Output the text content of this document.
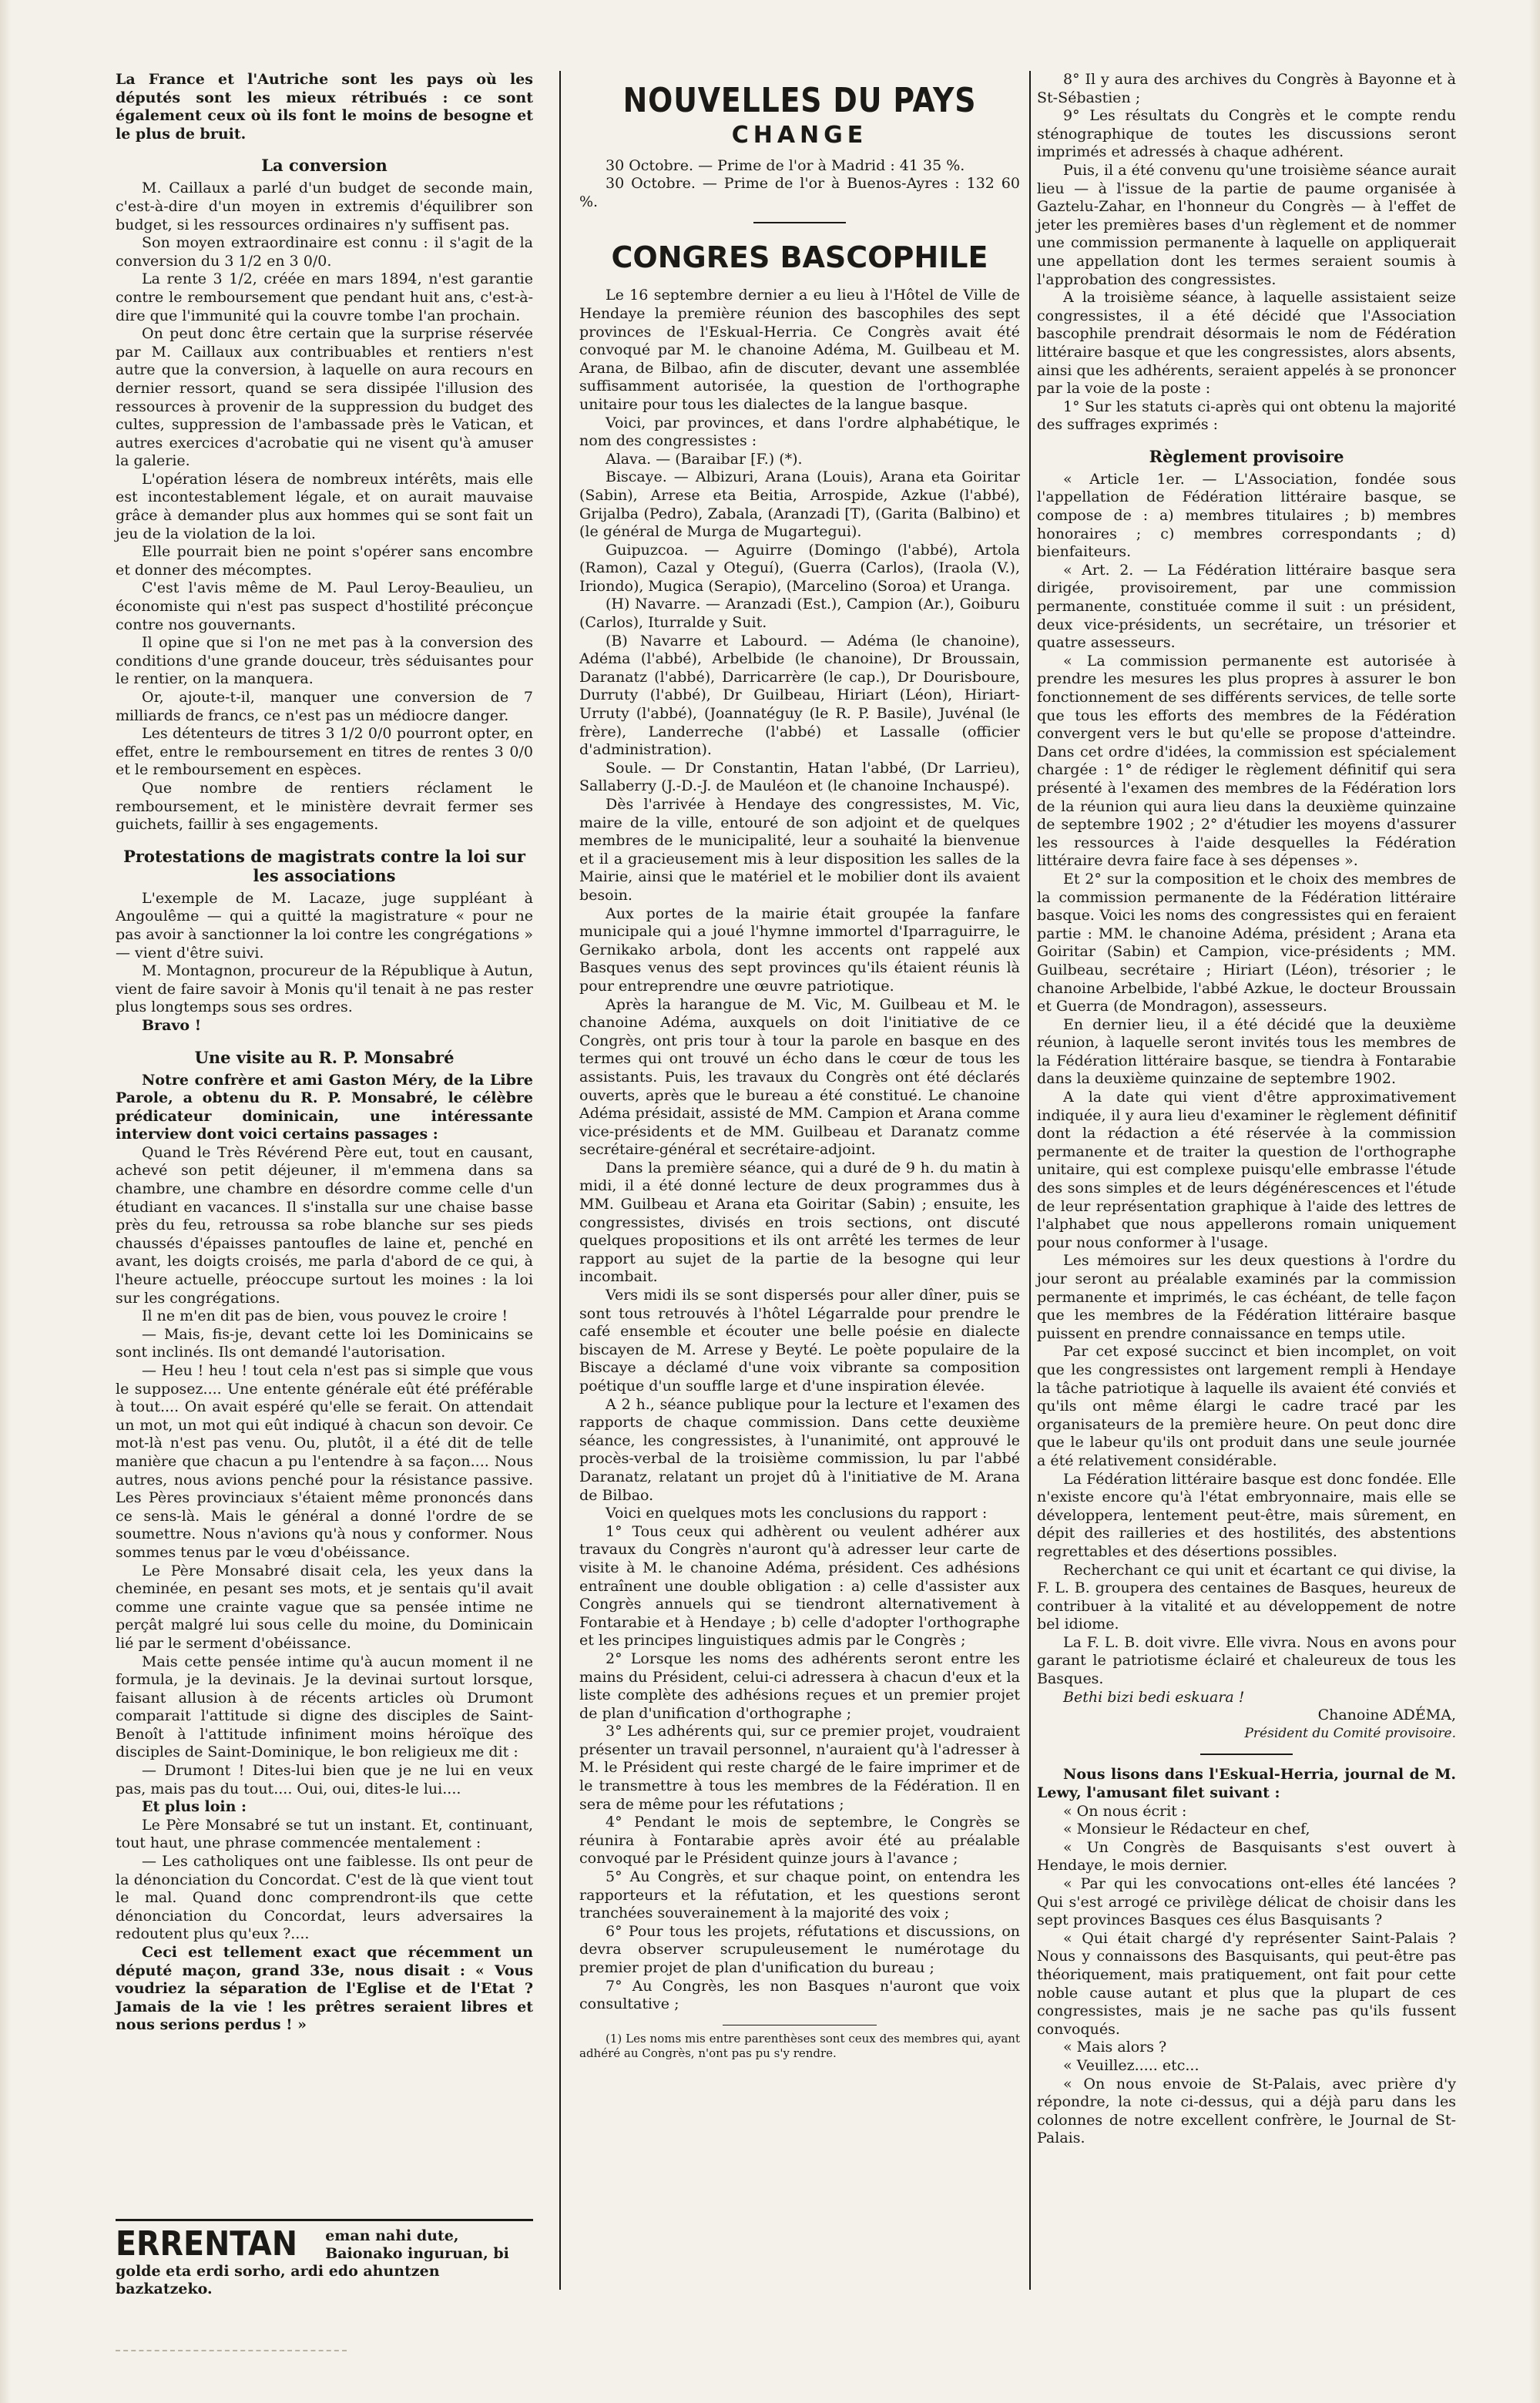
La France et l'Autriche sont les pays où les députés sont les mieux rétribués : ce sont également ceux où ils font le moins de besogne et le plus de bruit.

La conversion

M. Caillaux a parlé d'un budget de seconde main, c'est-à-dire d'un moyen in extremis d'équilibrer son budget, si les ressources ordinaires n'y suffisent pas.

Son moyen extraordinaire est connu : il s'agit de la conversion du 3 1/2 en 3 0/0.

La rente 3 1/2, créée en mars 1894, n'est garantie contre le remboursement que pendant huit ans, c'est-à-dire que l'immunité qui la couvre tombe l'an prochain.

On peut donc être certain que la surprise réservée par M. Caillaux aux contribuables et rentiers n'est autre que la conversion, à laquelle on aura recours en dernier ressort, quand se sera dissipée l'illusion des ressources à provenir de la suppression du budget des cultes, suppression de l'ambassade près le Vatican, et autres exercices d'acrobatie qui ne visent qu'à amuser la galerie.

L'opération lésera de nombreux intérêts, mais elle est incontestablement légale, et on aurait mauvaise grâce à demander plus aux hommes qui se sont fait un jeu de la violation de la loi.

Elle pourrait bien ne point s'opérer sans encombre et donner des mécomptes.

C'est l'avis même de M. Paul Leroy-Beaulieu, un économiste qui n'est pas suspect d'hostilité préconçue contre nos gouvernants.

Il opine que si l'on ne met pas à la conversion des conditions d'une grande douceur, très séduisantes pour le rentier, on la manquera.

Or, ajoute-t-il, manquer une conversion de 7 milliards de francs, ce n'est pas un médiocre danger.

Les détenteurs de titres 3 1/2 0/0 pourront opter, en effet, entre le remboursement en titres de rentes 3 0/0 et le remboursement en espèces.

Que nombre de rentiers réclament le remboursement, et le ministère devrait fermer ses guichets, faillir à ses engagements.

Protestations de magistrats contre la loi sur les associations

L'exemple de M. Lacaze, juge suppléant à Angoulême — qui a quitté la magistrature « pour ne pas avoir à sanctionner la loi contre les congrégations » — vient d'être suivi.

M. Montagnon, procureur de la République à Autun, vient de faire savoir à Monis qu'il tenait à ne pas rester plus longtemps sous ses ordres.

Bravo !

Une visite au R. P. Monsabré

Notre confrère et ami Gaston Méry, de la Libre Parole, a obtenu du R. P. Monsabré, le célèbre prédicateur dominicain, une intéressante interview dont voici certains passages :

Quand le Très Révérend Père eut, tout en causant, achevé son petit déjeuner, il m'emmena dans sa chambre, une chambre en désordre comme celle d'un étudiant en vacances. Il s'installa sur une chaise basse près du feu, retroussa sa robe blanche sur ses pieds chaussés d'épaisses pantoufles de laine et, penché en avant, les doigts croisés, me parla d'abord de ce qui, à l'heure actuelle, préoccupe surtout les moines : la loi sur les congrégations.

Il ne m'en dit pas de bien, vous pouvez le croire !

— Mais, fis-je, devant cette loi les Dominicains se sont inclinés. Ils ont demandé l'autorisation.

— Heu ! heu ! tout cela n'est pas si simple que vous le supposez.... Une entente générale eût été préférable à tout.... On avait espéré qu'elle se ferait. On attendait un mot, un mot qui eût indiqué à chacun son devoir. Ce mot-là n'est pas venu. Ou, plutôt, il a été dit de telle manière que chacun a pu l'entendre à sa façon.... Nous autres, nous avions penché pour la résistance passive. Les Pères provinciaux s'étaient même prononcés dans ce sens-là. Mais le général a donné l'ordre de se soumettre. Nous n'avions qu'à nous y conformer. Nous sommes tenus par le vœu d'obéissance.

Le Père Monsabré disait cela, les yeux dans la cheminée, en pesant ses mots, et je sentais qu'il avait comme une crainte vague que sa pensée intime ne perçât malgré lui sous celle du moine, du Dominicain lié par le serment d'obéissance.

Mais cette pensée intime qu'à aucun moment il ne formula, je la devinais. Je la devinai surtout lorsque, faisant allusion à de récents articles où Drumont comparait l'attitude si digne des disciples de Saint-Benoît à l'attitude infiniment moins héroïque des disciples de Saint-Dominique, le bon religieux me dit :

— Drumont ! Dites-lui bien que je ne lui en veux pas, mais pas du tout.... Oui, oui, dites-le lui....

Et plus loin :

Le Père Monsabré se tut un instant. Et, continuant, tout haut, une phrase commencée mentalement :

— Les catholiques ont une faiblesse. Ils ont peur de la dénonciation du Concordat. C'est de là que vient tout le mal. Quand donc comprendront-ils que cette dénonciation du Concordat, leurs adversaires la redoutent plus qu'eux ?....

Ceci est tellement exact que récemment un député maçon, grand 33e, nous disait : « Vous voudriez la séparation de l'Eglise et de l'Etat ? Jamais de la vie ! les prêtres seraient libres et nous serions perdus ! »

ERRENTAN eman nahi dute, Baionako inguruan, bi golde eta erdi sorho, ardi edo ahuntzen bazkatzeko.
NOUVELLES DU PAYS
CHANGE

30 Octobre. — Prime de l'or à Madrid : 41 35 %.

30 Octobre. — Prime de l'or à Buenos-Ayres : 132 60 %.

CONGRES BASCOPHILE

Le 16 septembre dernier a eu lieu à l'Hôtel de Ville de Hendaye la première réunion des bascophiles des sept provinces de l'Eskual-Herria. Ce Congrès avait été convoqué par M. le chanoine Adéma, M. Guilbeau et M. Arana, de Bilbao, afin de discuter, devant une assemblée suffisamment autorisée, la question de l'orthographe unitaire pour tous les dialectes de la langue basque.

Voici, par provinces, et dans l'ordre alphabétique, le nom des congressistes :

Alava. — (Baraibar [F.) (*).

Biscaye. — Albizuri, Arana (Louis), Arana eta Goiritar (Sabin), Arrese eta Beitia, Arrospide, Azkue (l'abbé), Grijalba (Pedro), Zabala, (Aranzadi [T), (Garita (Balbino) et (le général de Murga de Mugartegui).

Guipuzcoa. — Aguirre (Domingo (l'abbé), Artola (Ramon), Cazal y Oteguí), (Guerra (Carlos), (Iraola (V.), Iriondo), Mugica (Serapio), (Marcelino (Soroa) et Uranga.

(H) Navarre. — Aranzadi (Est.), Campion (Ar.), Goiburu (Carlos), Iturralde y Suit.

(B) Navarre et Labourd. — Adéma (le chanoine), Adéma (l'abbé), Arbelbide (le chanoine), Dr Broussain, Daranatz (l'abbé), Darricarrère (le cap.), Dr Dourisboure, Durruty (l'abbé), Dr Guilbeau, Hiriart (Léon), Hiriart-Urruty (l'abbé), (Joannatéguy (le R. P. Basile), Juvénal (le frère), Landerreche (l'abbé) et Lassalle (officier d'administration).

Soule. — Dr Constantin, Hatan l'abbé, (Dr Larrieu), Sallaberry (J.-D.-J. de Mauléon et (le chanoine Inchauspé).

Dès l'arrivée à Hendaye des congressistes, M. Vic, maire de la ville, entouré de son adjoint et de quelques membres de le municipalité, leur a souhaité la bienvenue et il a gracieusement mis à leur disposition les salles de la Mairie, ainsi que le matériel et le mobilier dont ils avaient besoin.

Aux portes de la mairie était groupée la fanfare municipale qui a joué l'hymne immortel d'Iparraguirre, le Gernikako arbola, dont les accents ont rappelé aux Basques venus des sept provinces qu'ils étaient réunis là pour entreprendre une œuvre patriotique.

Après la harangue de M. Vic, M. Guilbeau et M. le chanoine Adéma, auxquels on doit l'initiative de ce Congrès, ont pris tour à tour la parole en basque en des termes qui ont trouvé un écho dans le cœur de tous les assistants. Puis, les travaux du Congrès ont été déclarés ouverts, après que le bureau a été constitué. Le chanoine Adéma présidait, assisté de MM. Campion et Arana comme vice-présidents et de MM. Guilbeau et Daranatz comme secrétaire-général et secrétaire-adjoint.

Dans la première séance, qui a duré de 9 h. du matin à midi, il a été donné lecture de deux programmes dus à MM. Guilbeau et Arana eta Goiritar (Sabin) ; ensuite, les congressistes, divisés en trois sections, ont discuté quelques propositions et ils ont arrêté les termes de leur rapport au sujet de la partie de la besogne qui leur incombait.

Vers midi ils se sont dispersés pour aller dîner, puis se sont tous retrouvés à l'hôtel Légarralde pour prendre le café ensemble et écouter une belle poésie en dialecte biscayen de M. Arrese y Beyté. Le poète populaire de la Biscaye a déclamé d'une voix vibrante sa composition poétique d'un souffle large et d'une inspiration élevée.

A 2 h., séance publique pour la lecture et l'examen des rapports de chaque commission. Dans cette deuxième séance, les congressistes, à l'unanimité, ont approuvé le procès-verbal de la troisième commission, lu par l'abbé Daranatz, relatant un projet dû à l'initiative de M. Arana de Bilbao.

Voici en quelques mots les conclusions du rapport :

1° Tous ceux qui adhèrent ou veulent adhérer aux travaux du Congrès n'auront qu'à adresser leur carte de visite à M. le chanoine Adéma, président. Ces adhésions entraînent une double obligation : a) celle d'assister aux Congrès annuels qui se tiendront alternativement à Fontarabie et à Hendaye ; b) celle d'adopter l'orthographe et les principes linguistiques admis par le Congrès ;

2° Lorsque les noms des adhérents seront entre les mains du Président, celui-ci adressera à chacun d'eux et la liste complète des adhésions reçues et un premier projet de plan d'unification d'orthographe ;

3° Les adhérents qui, sur ce premier projet, voudraient présenter un travail personnel, n'auraient qu'à l'adresser à M. le Président qui reste chargé de le faire imprimer et de le transmettre à tous les membres de la Fédération. Il en sera de même pour les réfutations ;

4° Pendant le mois de septembre, le Congrès se réunira à Fontarabie après avoir été au préalable convoqué par le Président quinze jours à l'avance ;

5° Au Congrès, et sur chaque point, on entendra les rapporteurs et la réfutation, et les questions seront tranchées souverainement à la majorité des voix ;

6° Pour tous les projets, réfutations et discussions, on devra observer scrupuleusement le numérotage du premier projet de plan d'unification du bureau ;

7° Au Congrès, les non Basques n'auront que voix consultative ;

(1) Les noms mis entre parenthèses sont ceux des membres qui, ayant adhéré au Congrès, n'ont pas pu s'y rendre.

8° Il y aura des archives du Congrès à Bayonne et à St-Sébastien ;

9° Les résultats du Congrès et le compte rendu sténographique de toutes les discussions seront imprimés et adressés à chaque adhérent.

Puis, il a été convenu qu'une troisième séance aurait lieu — à l'issue de la partie de paume organisée à Gaztelu-Zahar, en l'honneur du Congrès — à l'effet de jeter les premières bases d'un règlement et de nommer une commission permanente à laquelle on appliquerait une appellation dont les termes seraient soumis à l'approbation des congressistes.

A la troisième séance, à laquelle assistaient seize congressistes, il a été décidé que l'Association bascophile prendrait désormais le nom de Fédération littéraire basque et que les congressistes, alors absents, ainsi que les adhérents, seraient appelés à se prononcer par la voie de la poste :

1° Sur les statuts ci-après qui ont obtenu la majorité des suffrages exprimés :

Règlement provisoire

« Article 1er. — L'Association, fondée sous l'appellation de Fédération littéraire basque, se compose de : a) membres titulaires ; b) membres honoraires ; c) membres correspondants ; d) bienfaiteurs.

« Art. 2. — La Fédération littéraire basque sera dirigée, provisoirement, par une commission permanente, constituée comme il suit : un président, deux vice-présidents, un secrétaire, un trésorier et quatre assesseurs.

« La commission permanente est autorisée à prendre les mesures les plus propres à assurer le bon fonctionnement de ses différents services, de telle sorte que tous les efforts des membres de la Fédération convergent vers le but qu'elle se propose d'atteindre. Dans cet ordre d'idées, la commission est spécialement chargée : 1° de rédiger le règlement définitif qui sera présenté à l'examen des membres de la Fédération lors de la réunion qui aura lieu dans la deuxième quinzaine de septembre 1902 ; 2° d'étudier les moyens d'assurer les ressources à l'aide desquelles la Fédération littéraire devra faire face à ses dépenses ».

Et 2° sur la composition et le choix des membres de la commission permanente de la Fédération littéraire basque. Voici les noms des congressistes qui en feraient partie : MM. le chanoine Adéma, président ; Arana eta Goiritar (Sabin) et Campion, vice-présidents ; MM. Guilbeau, secrétaire ; Hiriart (Léon), trésorier ; le chanoine Arbelbide, l'abbé Azkue, le docteur Broussain et Guerra (de Mondragon), assesseurs.

En dernier lieu, il a été décidé que la deuxième réunion, à laquelle seront invités tous les membres de la Fédération littéraire basque, se tiendra à Fontarabie dans la deuxième quinzaine de septembre 1902.

A la date qui vient d'être approximativement indiquée, il y aura lieu d'examiner le règlement définitif dont la rédaction a été réservée à la commission permanente et de traiter la question de l'orthographe unitaire, qui est complexe puisqu'elle embrasse l'étude des sons simples et de leurs dégénérescences et l'étude de leur représentation graphique à l'aide des lettres de l'alphabet que nous appellerons romain uniquement pour nous conformer à l'usage.

Les mémoires sur les deux questions à l'ordre du jour seront au préalable examinés par la commission permanente et imprimés, le cas échéant, de telle façon que les membres de la Fédération littéraire basque puissent en prendre connaissance en temps utile.

Par cet exposé succinct et bien incomplet, on voit que les congressistes ont largement rempli à Hendaye la tâche patriotique à laquelle ils avaient été conviés et qu'ils ont même élargi le cadre tracé par les organisateurs de la première heure. On peut donc dire que le labeur qu'ils ont produit dans une seule journée a été relativement considérable.

La Fédération littéraire basque est donc fondée. Elle n'existe encore qu'à l'état embryonnaire, mais elle se développera, lentement peut-être, mais sûrement, en dépit des railleries et des hostilités, des abstentions regrettables et des désertions possibles.

Recherchant ce qui unit et écartant ce qui divise, la F. L. B. groupera des centaines de Basques, heureux de contribuer à la vitalité et au développement de notre bel idiome.

La F. L. B. doit vivre. Elle vivra. Nous en avons pour garant le patriotisme éclairé et chaleureux de tous les Basques.

Bethi bizi bedi eskuara !

Chanoine ADÉMA,

Président du Comité provisoire.

Nous lisons dans l'Eskual-Herria, journal de M. Lewy, l'amusant filet suivant :

« On nous écrit :

« Monsieur le Rédacteur en chef,

« Un Congrès de Basquisants s'est ouvert à Hendaye, le mois dernier.

« Par qui les convocations ont-elles été lancées ? Qui s'est arrogé ce privilège délicat de choisir dans les sept provinces Basques ces élus Basquisants ?

« Qui était chargé d'y représenter Saint-Palais ? Nous y connaissons des Basquisants, qui peut-être pas théoriquement, mais pratiquement, ont fait pour cette noble cause autant et plus que la plupart de ces congressistes, mais je ne sache pas qu'ils fussent convoqués.

« Mais alors ?

« Veuillez..... etc...

« On nous envoie de St-Palais, avec prière d'y répondre, la note ci-dessus, qui a déjà paru dans les colonnes de notre excellent confrère, le Journal de St-Palais.
